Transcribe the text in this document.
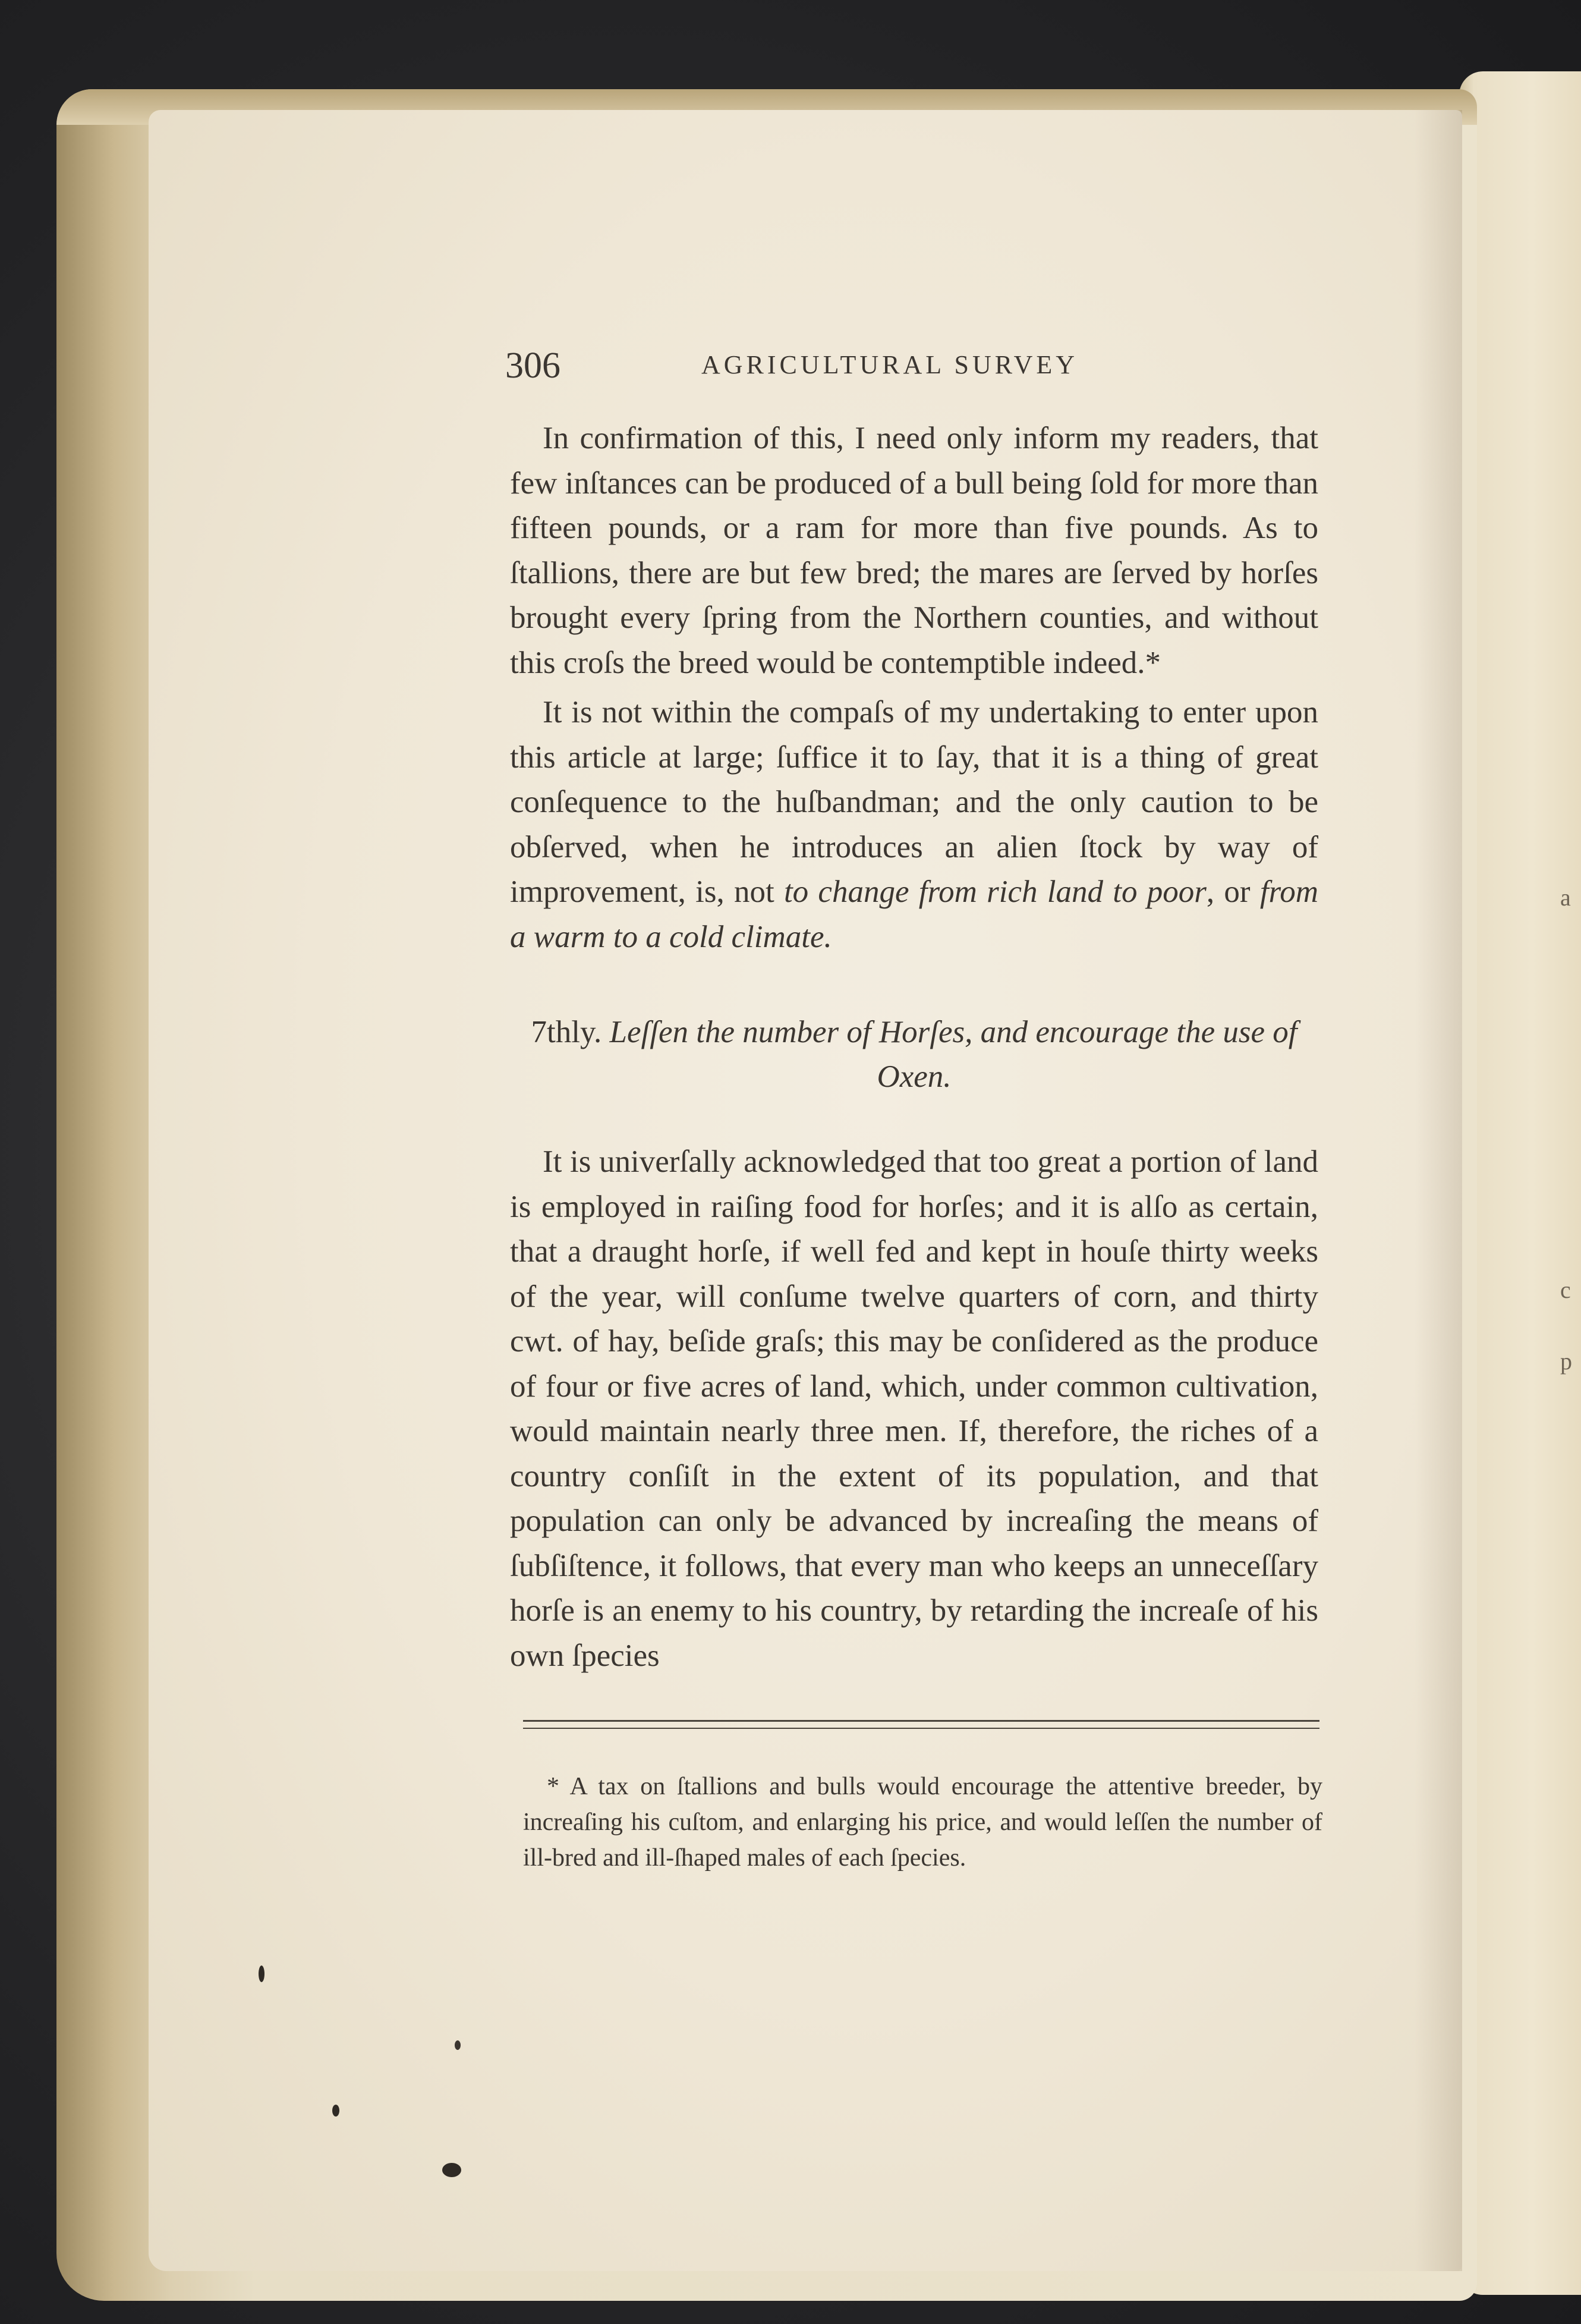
a
c
p
306	AGRICULTURAL SURVEY

In confirmation of this, I need only inform my readers, that few inſtances can be produced of a bull being ſold for more than fifteen pounds, or a ram for more than five pounds. As to ſtallions, there are but few bred; the mares are ſerved by horſes brought every ſpring from the Northern counties, and without this croſs the breed would be contemptible indeed.*

It is not within the compaſs of my undertaking to enter upon this article at large; ſuffice it to ſay, that it is a thing of great conſequence to the huſbandman; and the only caution to be obſerved, when he introduces an alien ſtock by way of improvement, is, not to change from rich land to poor, or from a warm to a cold climate.

7thly. Leſſen the number of Horſes, and encourage the use of Oxen.

It is univerſally acknowledged that too great a portion of land is employed in raiſing food for horſes; and it is alſo as certain, that a draught horſe, if well fed and kept in houſe thirty weeks of the year, will conſume twelve quarters of corn, and thirty cwt. of hay, beſide graſs; this may be conſidered as the produce of four or five acres of land, which, under common cultivation, would maintain nearly three men. If, therefore, the riches of a country conſiſt in the extent of its population, and that population can only be advanced by increaſing the means of ſubſiſtence, it follows, that every man who keeps an unneceſſary horſe is an enemy to his country, by retarding the increaſe of his own ſpecies

* A tax on ſtallions and bulls would encourage the attentive breeder, by increaſing his cuſtom, and enlarging his price, and would leſſen the number of ill-bred and ill-ſhaped males of each ſpecies.
